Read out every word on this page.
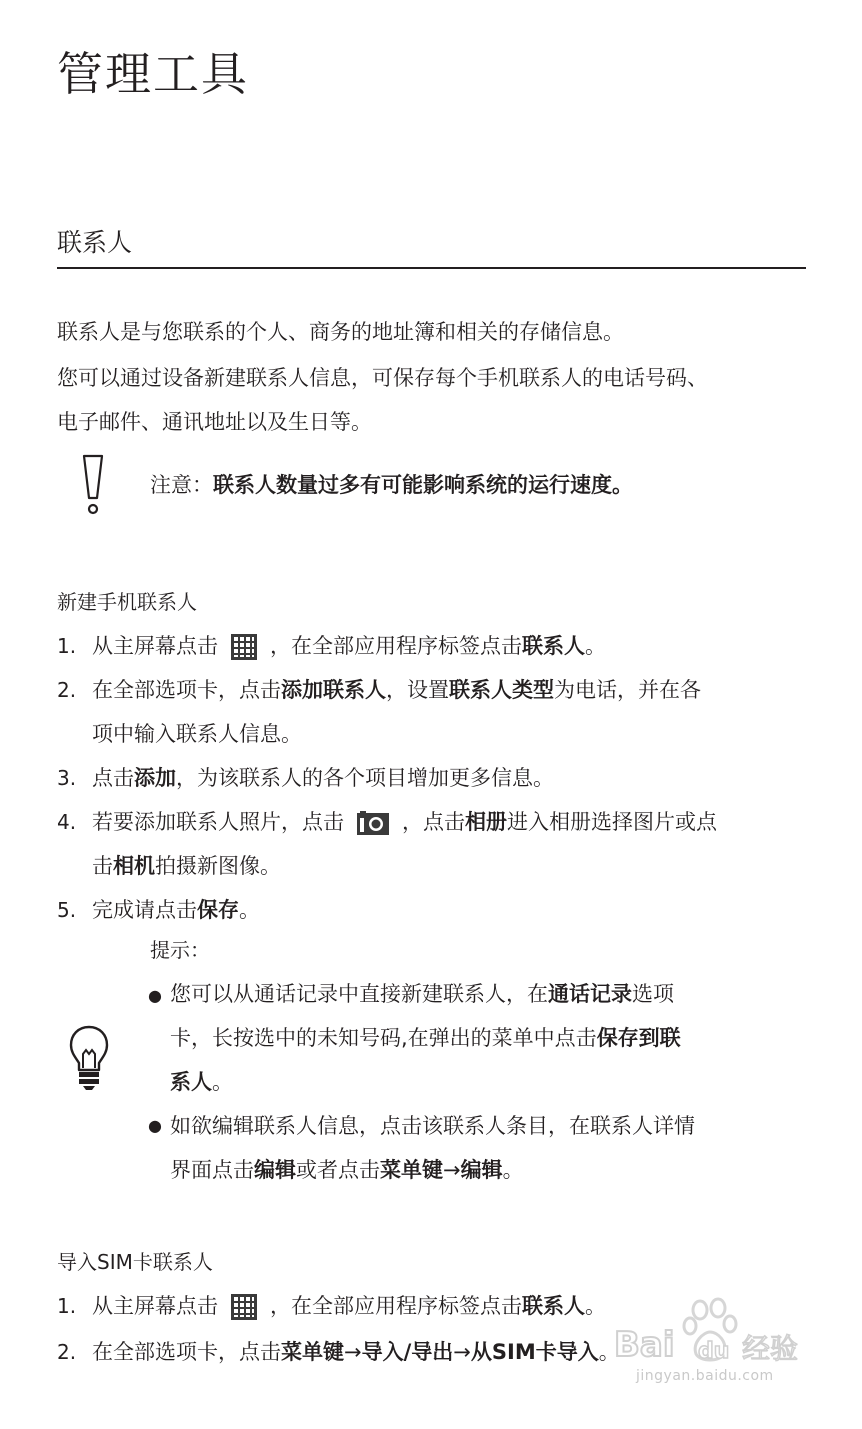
管理工具
联系人
联系人是与您联系的个人、商务的地址簿和相关的存储信息。
您可以通过设备新建联系人信息，可保存每个手机联系人的电话号码、
电子邮件、通讯地址以及生日等。
注意：联系人数量过多有可能影响系统的运行速度。
新建手机联系人
1. 从主屏幕点击 ，在全部应用程序标签点击联系人。
2. 在全部选项卡，点击添加联系人，设置联系人类型为电话，并在各
项中输入联系人信息。
3. 点击添加，为该联系人的各个项目增加更多信息。
4. 若要添加联系人照片，点击	，点击相册进入相册选择图片或点
击相机拍摄新图像。
5. 完成请点击保存。
提示：
● 您可以从通话记录中直接新建联系人，在通话记录选项
卡，长按选中的未知号码,在弹出的菜单中点击保存到联
系人。
● 如欲编辑联系人信息，点击该联系人条目，在联系人详情
界面点击编辑或者点击菜单键→编辑。
导入SIM卡联系人
1. 从主屏幕点击 ，在全部应用程序标签点击联系人。
2. 在全部选项卡，点击菜单键→导入/导出→从SIM卡导入。
Bai du 经验
jingyan.baidu.com
